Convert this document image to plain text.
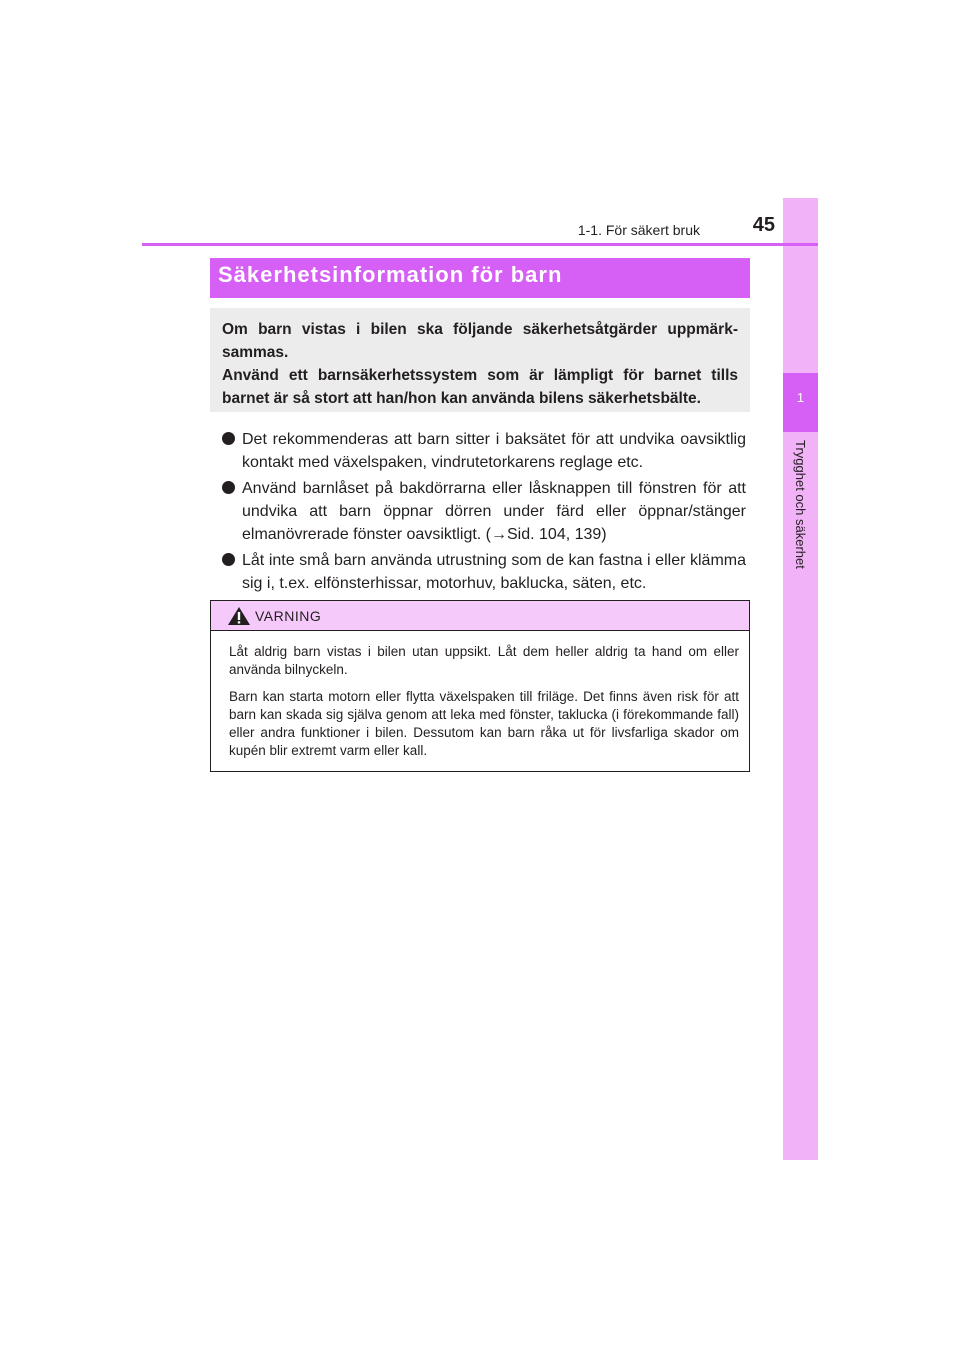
1
Trygghet och säkerhet
1-1. För säkert bruk	45
Säkerhetsinformation för barn

Om barn vistas i bilen ska följande säkerhetsåtgärder uppmärk-sammas.

Använd ett barnsäkerhetssystem som är lämpligt för barnet tills barnet är så stort att han/hon kan använda bilens säkerhetsbälte.

Det rekommenderas att barn sitter i baksätet för att undvika oavsiktlig kontakt med växelspaken, vindrutetorkarens reglage etc.
Använd barnlåset på bakdörrarna eller låsknappen till fönstren för att undvika att barn öppnar dörren under färd eller öppnar/stänger elmanövrerade fönster oavsiktligt. (→Sid. 104, 139)
Låt inte små barn använda utrustning som de kan fastna i eller klämma sig i, t.ex. elfönsterhissar, motorhuv, baklucka, säten, etc.
VARNING

Låt aldrig barn vistas i bilen utan uppsikt. Låt dem heller aldrig ta hand om eller använda bilnyckeln.

Barn kan starta motorn eller flytta växelspaken till friläge. Det finns även risk för att barn kan skada sig själva genom att leka med fönster, taklucka (i förekommande fall) eller andra funktioner i bilen. Dessutom kan barn råka ut för livsfarliga skador om kupén blir extremt varm eller kall.
